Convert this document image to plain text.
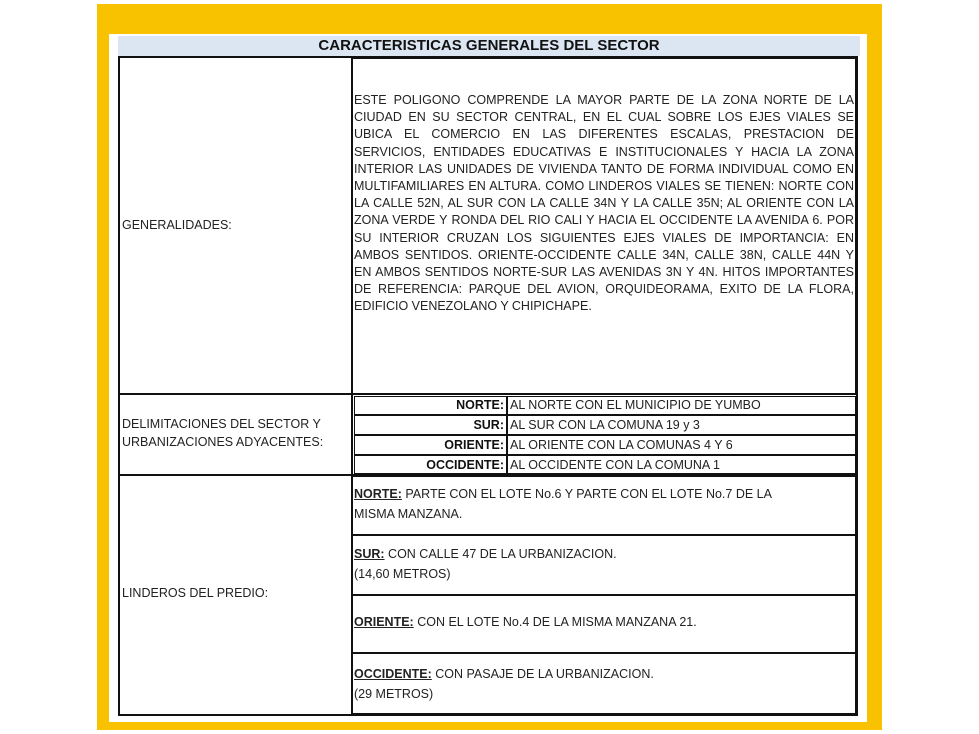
CARACTERISTICAS GENERALES DEL SECTOR
GENERALIDADES:
ESTE POLIGONO COMPRENDE LA MAYOR PARTE DE LA ZONA NORTE DE LA CIUDAD EN SU SECTOR CENTRAL, EN EL CUAL SOBRE LOS EJES VIALES SE UBICA EL COMERCIO EN LAS DIFERENTES ESCALAS, PRESTACION DE SERVICIOS, ENTIDADES EDUCATIVAS E INSTITUCIONALES Y HACIA LA ZONA INTERIOR LAS UNIDADES DE VIVIENDA TANTO DE FORMA INDIVIDUAL COMO EN MULTIFAMILIARES EN ALTURA. COMO LINDEROS VIALES SE TIENEN: NORTE CON LA CALLE 52N, AL SUR CON LA CALLE 34N Y LA CALLE 35N; AL ORIENTE CON LA ZONA VERDE Y RONDA DEL RIO CALI Y HACIA EL OCCIDENTE LA AVENIDA 6. POR SU INTERIOR CRUZAN LOS SIGUIENTES EJES VIALES DE IMPORTANCIA: EN AMBOS SENTIDOS. ORIENTE-OCCIDENTE CALLE 34N, CALLE 38N, CALLE 44N Y EN AMBOS SENTIDOS NORTE-SUR LAS AVENIDAS 3N Y 4N. HITOS IMPORTANTES DE REFERENCIA: PARQUE DEL AVION, ORQUIDEORAMA, EXITO DE LA FLORA, EDIFICIO VENEZOLANO Y CHIPICHAPE.
DELIMITACIONES DEL SECTOR Y
URBANIZACIONES ADYACENTES:
NORTE: AL NORTE CON EL MUNICIPIO DE YUMBO
SUR: AL SUR CON LA COMUNA 19 y 3
ORIENTE: AL ORIENTE CON LA COMUNAS 4 Y 6
OCCIDENTE: AL OCCIDENTE CON LA COMUNA 1
LINDEROS DEL PREDIO:
NORTE: PARTE CON EL LOTE No.6 Y PARTE CON EL LOTE No.7 DE LA
MISMA MANZANA.
SUR: CON CALLE 47 DE LA URBANIZACION.
(14,60 METROS)
ORIENTE: CON EL LOTE No.4 DE LA MISMA MANZANA 21.
OCCIDENTE: CON PASAJE DE LA URBANIZACION.
(29 METROS)
